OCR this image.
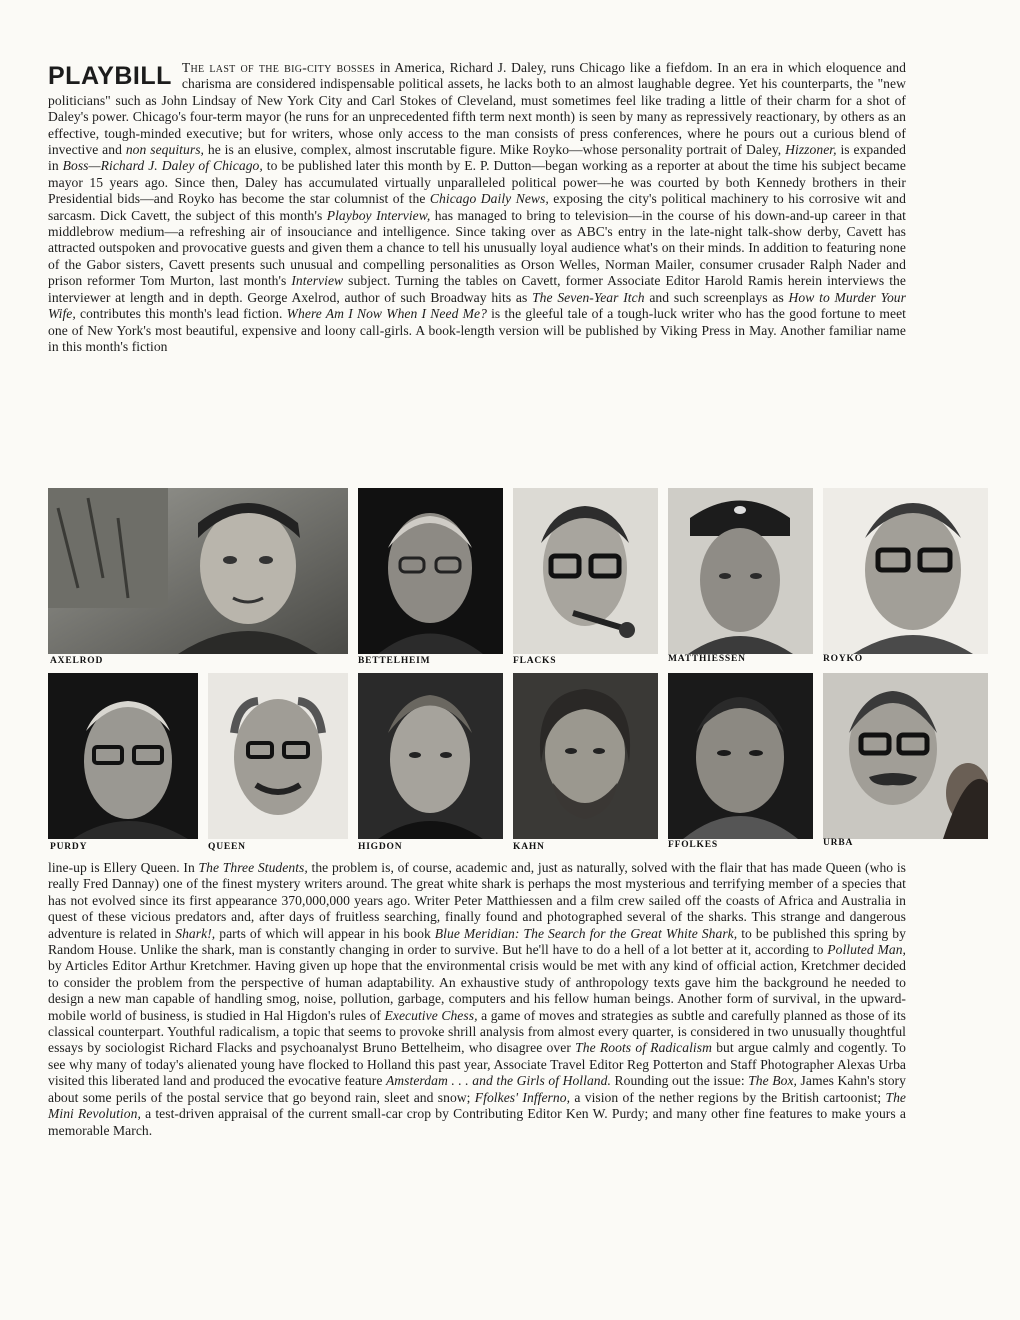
PLAYBILL The last of the big-city bosses in America, Richard J. Daley, runs Chicago like a fiefdom. In an era in which eloquence and charisma are considered indispensable political assets, he lacks both to an almost laughable degree. Yet his counterparts, the "new politicians" such as John Lindsay of New York City and Carl Stokes of Cleveland, must sometimes feel like trading a little of their charm for a shot of Daley's power. Chicago's four-term mayor (he runs for an unprecedented fifth term next month) is seen by many as repressively reactionary, by others as an effective, tough-minded executive; but for writers, whose only access to the man consists of press conferences, where he pours out a curious blend of invective and non sequiturs, he is an elusive, complex, almost inscrutable figure. Mike Royko—whose personality portrait of Daley, Hizzoner, is expanded in Boss—Richard J. Daley of Chicago, to be published later this month by E. P. Dutton—began working as a reporter at about the time his subject became mayor 15 years ago. Since then, Daley has accumulated virtually unparalleled political power—he was courted by both Kennedy brothers in their Presidential bids—and Royko has become the star columnist of the Chicago Daily News, exposing the city's political machinery to his corrosive wit and sarcasm. Dick Cavett, the subject of this month's Playboy Interview, has managed to bring to television—in the course of his down-and-up career in that middlebrow medium—a refreshing air of insouciance and intelligence. Since taking over as ABC's entry in the late-night talk-show derby, Cavett has attracted outspoken and provocative guests and given them a chance to tell his unusually loyal audience what's on their minds. In addition to featuring none of the Gabor sisters, Cavett presents such unusual and compelling personalities as Orson Welles, Norman Mailer, consumer crusader Ralph Nader and prison reformer Tom Murton, last month's Interview subject. Turning the tables on Cavett, former Associate Editor Harold Ramis herein interviews the interviewer at length and in depth. George Axelrod, author of such Broadway hits as The Seven-Year Itch and such screenplays as How to Murder Your Wife, contributes this month's lead fiction. Where Am I Now When I Need Me? is the gleeful tale of a tough-luck writer who has the good fortune to meet one of New York's most beautiful, expensive and loony call-girls. A book-length version will be published by Viking Press in May. Another familiar name in this month's fiction
AXELROD	BETTELHEIM	FLACKS	MATTHIESSEN	ROYKO
PURDY	QUEEN	HIGDON	KAHN	FFOLKES	URBA
line-up is Ellery Queen. In The Three Students, the problem is, of course, academic and, just as naturally, solved with the flair that has made Queen (who is really Fred Dannay) one of the finest mystery writers around. The great white shark is perhaps the most mysterious and terrifying member of a species that has not evolved since its first appearance 370,000,000 years ago. Writer Peter Matthiessen and a film crew sailed off the coasts of Africa and Australia in quest of these vicious predators and, after days of fruitless searching, finally found and photographed several of the sharks. This strange and dangerous adventure is related in Shark!, parts of which will appear in his book Blue Meridian: The Search for the Great White Shark, to be published this spring by Random House. Unlike the shark, man is constantly changing in order to survive. But he'll have to do a hell of a lot better at it, according to Polluted Man, by Articles Editor Arthur Kretchmer. Having given up hope that the environmental crisis would be met with any kind of official action, Kretchmer decided to consider the problem from the perspective of human adaptability. An exhaustive study of anthropology texts gave him the background he needed to design a new man capable of handling smog, noise, pollution, garbage, computers and his fellow human beings. Another form of survival, in the upward-mobile world of business, is studied in Hal Higdon's rules of Executive Chess, a game of moves and strategies as subtle and carefully planned as those of its classical counterpart. Youthful radicalism, a topic that seems to provoke shrill analysis from almost every quarter, is considered in two unusually thoughtful essays by sociologist Richard Flacks and psychoanalyst Bruno Bettelheim, who disagree over The Roots of Radicalism but argue calmly and cogently. To see why many of today's alienated young have flocked to Holland this past year, Associate Travel Editor Reg Potterton and Staff Photographer Alexas Urba visited this liberated land and produced the evocative feature Amsterdam . . . and the Girls of Holland. Rounding out the issue: The Box, James Kahn's story about some perils of the postal service that go beyond rain, sleet and snow; Ffolkes' Inffernо, a vision of the nether regions by the British cartoonist; The Mini Revolution, a test-driven appraisal of the current small-car crop by Contributing Editor Ken W. Purdy; and many other fine features to make yours a memorable March.
